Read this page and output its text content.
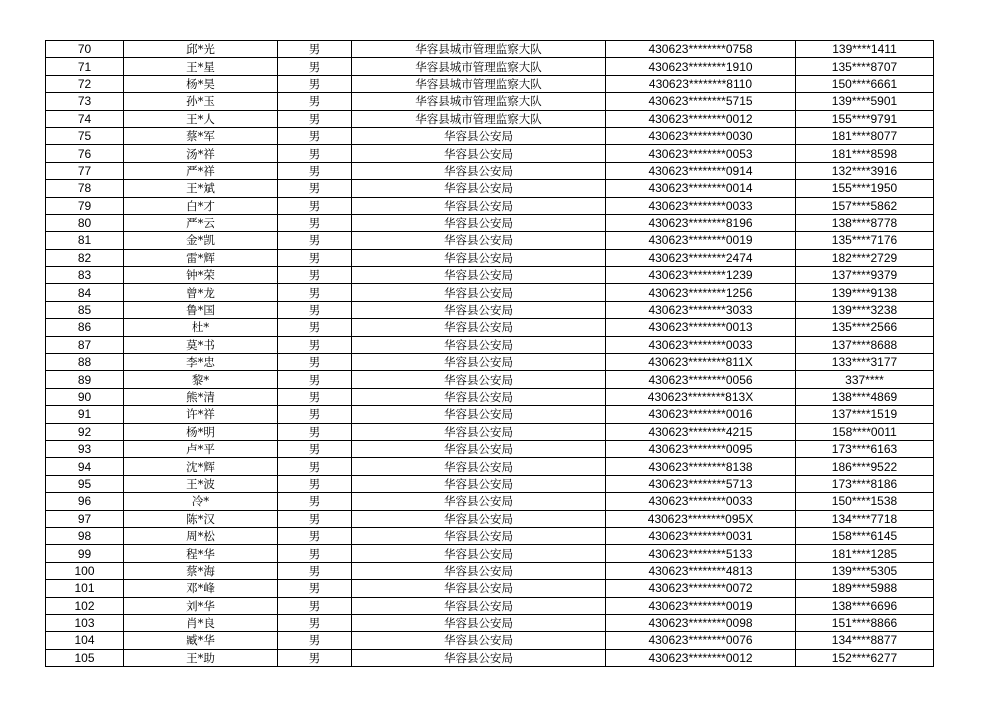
70	邱*光	男	华容县城市管理监察大队	430623********0758	139****1411
71	王*星	男	华容县城市管理监察大队	430623********1910	135****8707
72	杨*昊	男	华容县城市管理监察大队	430623********8110	150****6661
73	孙*玉	男	华容县城市管理监察大队	430623********5715	139****5901
74	王*人	男	华容县城市管理监察大队	430623********0012	155****9791
75	蔡*军	男	华容县公安局	430623********0030	181****8077
76	汤*祥	男	华容县公安局	430623********0053	181****8598
77	严*祥	男	华容县公安局	430623********0914	132****3916
78	王*斌	男	华容县公安局	430623********0014	155****1950
79	白*才	男	华容县公安局	430623********0033	157****5862
80	严*云	男	华容县公安局	430623********8196	138****8778
81	金*凯	男	华容县公安局	430623********0019	135****7176
82	雷*辉	男	华容县公安局	430623********2474	182****2729
83	钟*荣	男	华容县公安局	430623********1239	137****9379
84	曾*龙	男	华容县公安局	430623********1256	139****9138
85	鲁*国	男	华容县公安局	430623********3033	139****3238
86	杜*	男	华容县公安局	430623********0013	135****2566
87	莫*书	男	华容县公安局	430623********0033	137****8688
88	李*忠	男	华容县公安局	430623********811X	133****3177
89	黎*	男	华容县公安局	430623********0056	337****
90	熊*清	男	华容县公安局	430623********813X	138****4869
91	许*祥	男	华容县公安局	430623********0016	137****1519
92	杨*明	男	华容县公安局	430623********4215	158****0011
93	卢*平	男	华容县公安局	430623********0095	173****6163
94	沈*辉	男	华容县公安局	430623********8138	186****9522
95	王*波	男	华容县公安局	430623********5713	173****8186
96	冷*	男	华容县公安局	430623********0033	150****1538
97	陈*汉	男	华容县公安局	430623********095X	134****7718
98	周*松	男	华容县公安局	430623********0031	158****6145
99	程*华	男	华容县公安局	430623********5133	181****1285
100	蔡*海	男	华容县公安局	430623********4813	139****5305
101	邓*峰	男	华容县公安局	430623********0072	189****5988
102	刘*华	男	华容县公安局	430623********0019	138****6696
103	肖*良	男	华容县公安局	430623********0098	151****8866
104	臧*华	男	华容县公安局	430623********0076	134****8877
105	王*助	男	华容县公安局	430623********0012	152****6277
